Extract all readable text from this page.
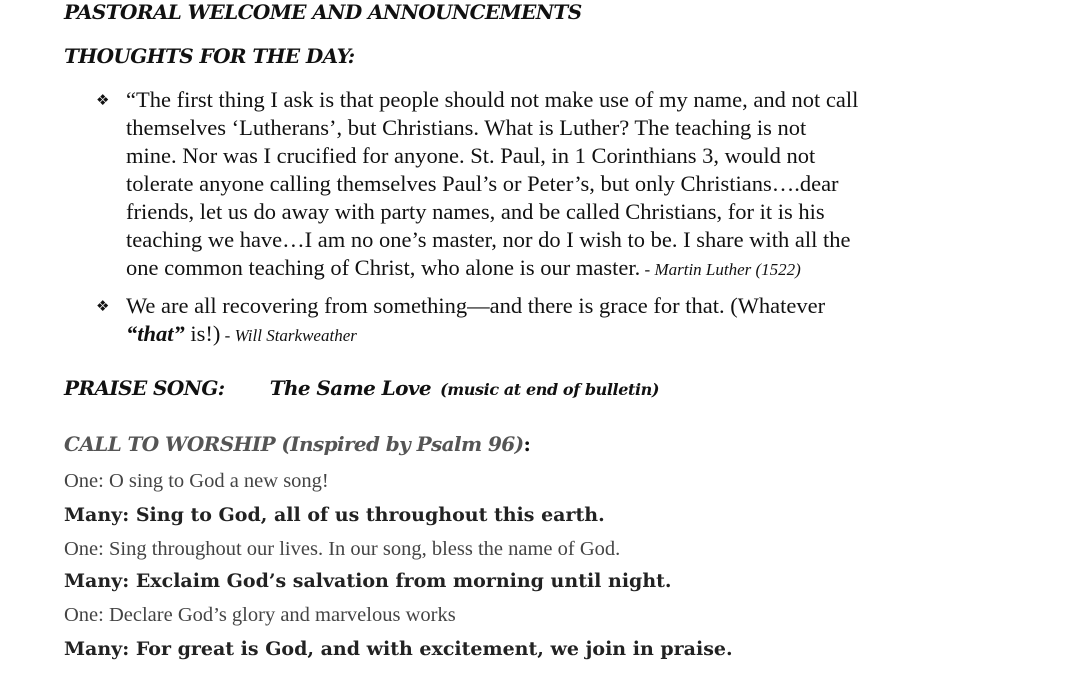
PASTORAL WELCOME AND ANNOUNCEMENTS
THOUGHTS FOR THE DAY:
❖ “The first thing I ask is that people should not make use of my name, and not call
themselves ‘Lutherans’, but Christians. What is Luther? The teaching is not
mine. Nor was I crucified for anyone. St. Paul, in 1 Corinthians 3, would not
tolerate anyone calling themselves Paul’s or Peter’s, but only Christians….dear
friends, let us do away with party names, and be called Christians, for it is his
teaching we have…I am no one’s master, nor do I wish to be. I share with all the
one common teaching of Christ, who alone is our master. - Martin Luther (1522)
❖ We are all recovering from something—and there is grace for that. (Whatever
“that” is!) - Will Starkweather
PRAISE SONG: The Same Love (music at end of bulletin)
CALL TO WORSHIP (Inspired by Psalm 96):
One: O sing to God a new song!
Many: Sing to God, all of us throughout this earth.
One: Sing throughout our lives. In our song, bless the name of God.
Many: Exclaim God’s salvation from morning until night.
One: Declare God’s glory and marvelous works
Many: For great is God, and with excitement, we join in praise.
